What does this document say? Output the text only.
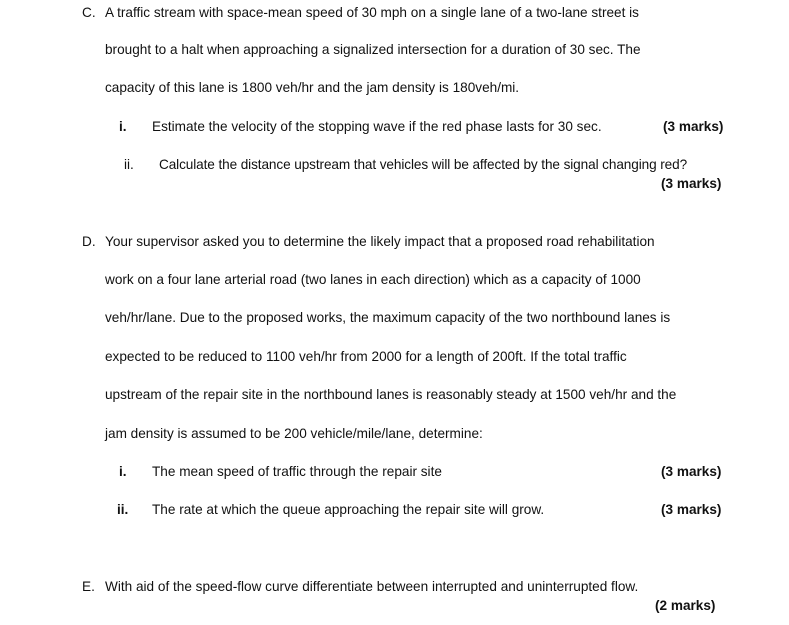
C. A traffic stream with space-mean speed of 30 mph on a single lane of a two-lane street is
brought to a halt when approaching a signalized intersection for a duration of 30 sec. The
capacity of this lane is 1800 veh/hr and the jam density is 180veh/mi.
i. Estimate the velocity of the stopping wave if the red phase lasts for 30 sec.	(3 marks)
ii. Calculate the distance upstream that vehicles will be affected by the signal changing red?
(3 marks)
D. Your supervisor asked you to determine the likely impact that a proposed road rehabilitation
work on a four lane arterial road (two lanes in each direction) which as a capacity of 1000
veh/hr/lane. Due to the proposed works, the maximum capacity of the two northbound lanes is
expected to be reduced to 1100 veh/hr from 2000 for a length of 200ft. If the total traffic
upstream of the repair site in the northbound lanes is reasonably steady at 1500 veh/hr and the
jam density is assumed to be 200 vehicle/mile/lane, determine:
i. The mean speed of traffic through the repair site	(3 marks)
ii. The rate at which the queue approaching the repair site will grow.	(3 marks)
E. With aid of the speed-flow curve differentiate between interrupted and uninterrupted flow.
(2 marks)
